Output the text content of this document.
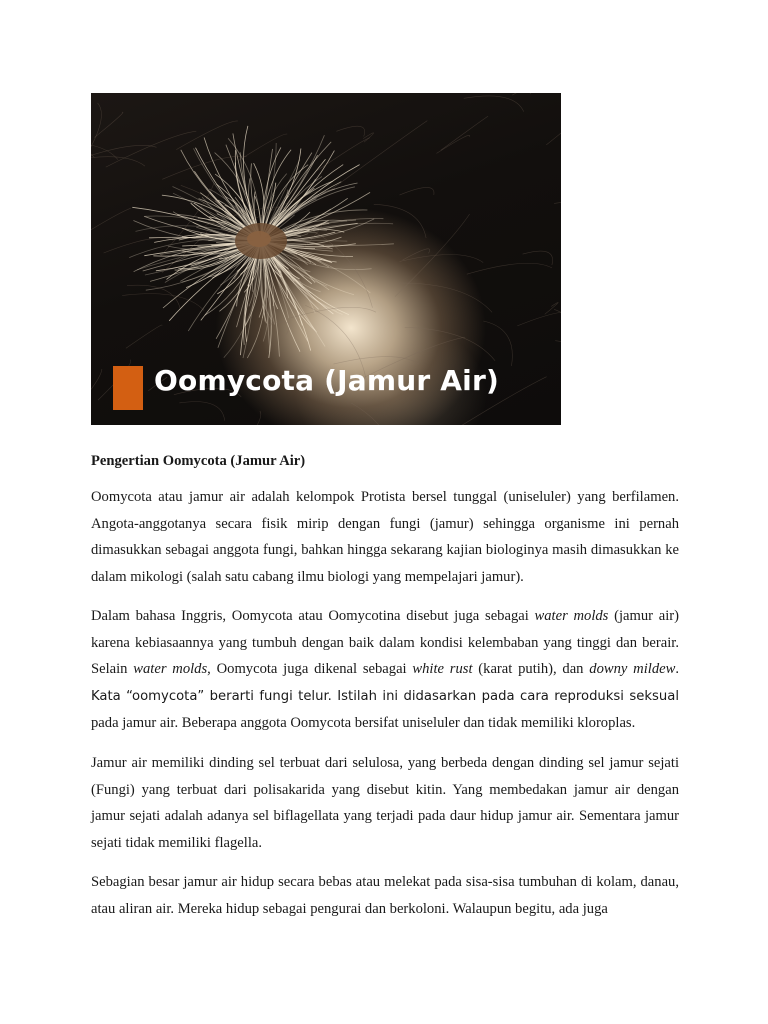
Oomycota (Jamur Air)
Pengertian Oomycota (Jamur Air)
Oomycota atau jamur air adalah kelompok Protista bersel tunggal (uniseluler) yang berfilamen. Angota-anggotanya secara fisik mirip dengan fungi (jamur) sehingga organisme ini pernah dimasukkan sebagai anggota fungi, bahkan hingga sekarang kajian biologinya masih dimasukkan ke dalam mikologi (salah satu cabang ilmu biologi yang mempelajari jamur).
Dalam bahasa Inggris, Oomycota atau Oomycotina disebut juga sebagai water molds (jamur air) karena kebiasaannya yang tumbuh dengan baik dalam kondisi kelembaban yang tinggi dan berair. Selain water molds, Oomycota juga dikenal sebagai white rust (karat putih), dan downy mildew. Kata “oomycota” berarti fungi telur. Istilah ini didasarkan pada cara reproduksi seksual pada jamur air. Beberapa anggota Oomycota bersifat uniseluler dan tidak memiliki kloroplas.
Jamur air memiliki dinding sel terbuat dari selulosa, yang berbeda dengan dinding sel jamur sejati (Fungi) yang terbuat dari polisakarida yang disebut kitin. Yang membedakan jamur air dengan jamur sejati adalah adanya sel biflagellata yang terjadi pada daur hidup jamur air. Sementara jamur sejati tidak memiliki flagella.
Sebagian besar jamur air hidup secara bebas atau melekat pada sisa-sisa tumbuhan di kolam, danau, atau aliran air. Mereka hidup sebagai pengurai dan berkoloni. Walaupun begitu, ada juga
